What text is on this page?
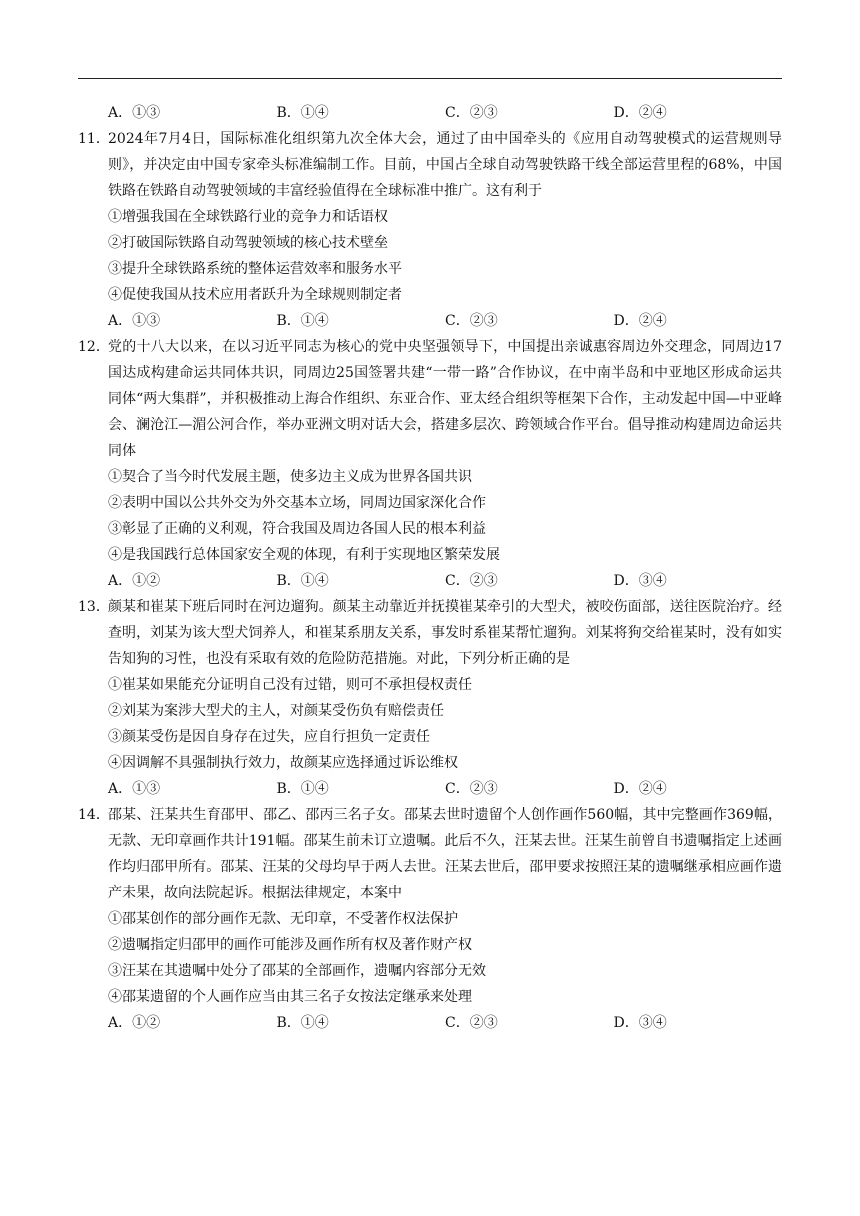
A．①③	B．①④	C．②③	D．②④
11．
2024年7月4日，国际标准化组织第九次全体大会，通过了由中国牵头的《应用自动驾驶模式的运营规则导则》，并决定由中国专家牵头标准编制工作。目前，中国占全球自动驾驶铁路干线全部运营里程的68%，中国铁路在铁路自动驾驶领域的丰富经验值得在全球标准中推广。这有利于
①增强我国在全球铁路行业的竞争力和话语权
②打破国际铁路自动驾驶领域的核心技术壁垒
③提升全球铁路系统的整体运营效率和服务水平
④促使我国从技术应用者跃升为全球规则制定者
A．①③	B．①④	C．②③	D．②④
12．
党的十八大以来，在以习近平同志为核心的党中央坚强领导下，中国提出亲诚惠容周边外交理念，同周边17国达成构建命运共同体共识，同周边25国签署共建“一带一路”合作协议，在中南半岛和中亚地区形成命运共同体“两大集群”，并积极推动上海合作组织、东亚合作、亚太经合组织等框架下合作，主动发起中国—中亚峰会、澜沧江—湄公河合作，举办亚洲文明对话大会，搭建多层次、跨领域合作平台。倡导推动构建周边命运共同体
①契合了当今时代发展主题，使多边主义成为世界各国共识
②表明中国以公共外交为外交基本立场，同周边国家深化合作
③彰显了正确的义利观，符合我国及周边各国人民的根本利益
④是我国践行总体国家安全观的体现，有利于实现地区繁荣发展
A．①②	B．①④	C．②③	D．③④
13．
颜某和崔某下班后同时在河边遛狗。颜某主动靠近并抚摸崔某牵引的大型犬，被咬伤面部，送往医院治疗。经查明，刘某为该大型犬饲养人，和崔某系朋友关系，事发时系崔某帮忙遛狗。刘某将狗交给崔某时，没有如实告知狗的习性，也没有采取有效的危险防范措施。对此，下列分析正确的是
①崔某如果能充分证明自己没有过错，则可不承担侵权责任
②刘某为案涉大型犬的主人，对颜某受伤负有赔偿责任
③颜某受伤是因自身存在过失，应自行担负一定责任
④因调解不具强制执行效力，故颜某应选择通过诉讼维权
A．①③	B．①④	C．②③	D．②④
14．
邵某、汪某共生育邵甲、邵乙、邵丙三名子女。邵某去世时遗留个人创作画作560幅，其中完整画作369幅，无款、无印章画作共计191幅。邵某生前未订立遗嘱。此后不久，汪某去世。汪某生前曾自书遗嘱指定上述画作均归邵甲所有。邵某、汪某的父母均早于两人去世。汪某去世后，邵甲要求按照汪某的遗嘱继承相应画作遗产未果，故向法院起诉。根据法律规定，本案中
①邵某创作的部分画作无款、无印章，不受著作权法保护
②遗嘱指定归邵甲的画作可能涉及画作所有权及著作财产权
③汪某在其遗嘱中处分了邵某的全部画作，遗嘱内容部分无效
④邵某遗留的个人画作应当由其三名子女按法定继承来处理
A．①②	B．①④	C．②③	D．③④
